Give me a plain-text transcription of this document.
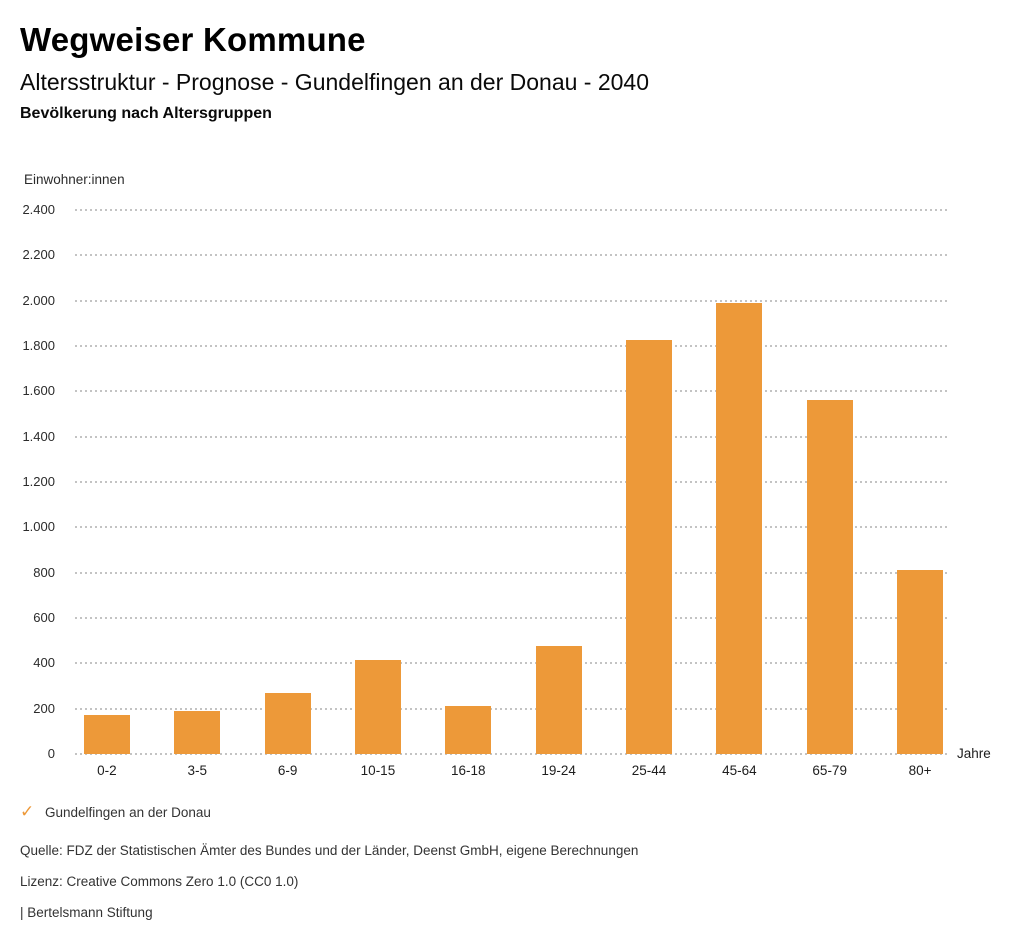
Wegweiser Kommune
Altersstruktur - Prognose - Gundelfingen an der Donau - 2040
Bevölkerung nach Altersgruppen
Einwohner:innen
0
200
400
600
800
1.000
1.200
1.400
1.600
1.800
2.000
2.200
2.400
0-2	3-5	6-9	10-15	16-18	19-24	25-44	45-64	65-79	80+
Jahre
✓ Gundelfingen an der Donau
Quelle: FDZ der Statistischen Ämter des Bundes und der Länder, Deenst GmbH, eigene Berechnungen
Lizenz: Creative Commons Zero 1.0 (CC0 1.0)
| Bertelsmann Stiftung
